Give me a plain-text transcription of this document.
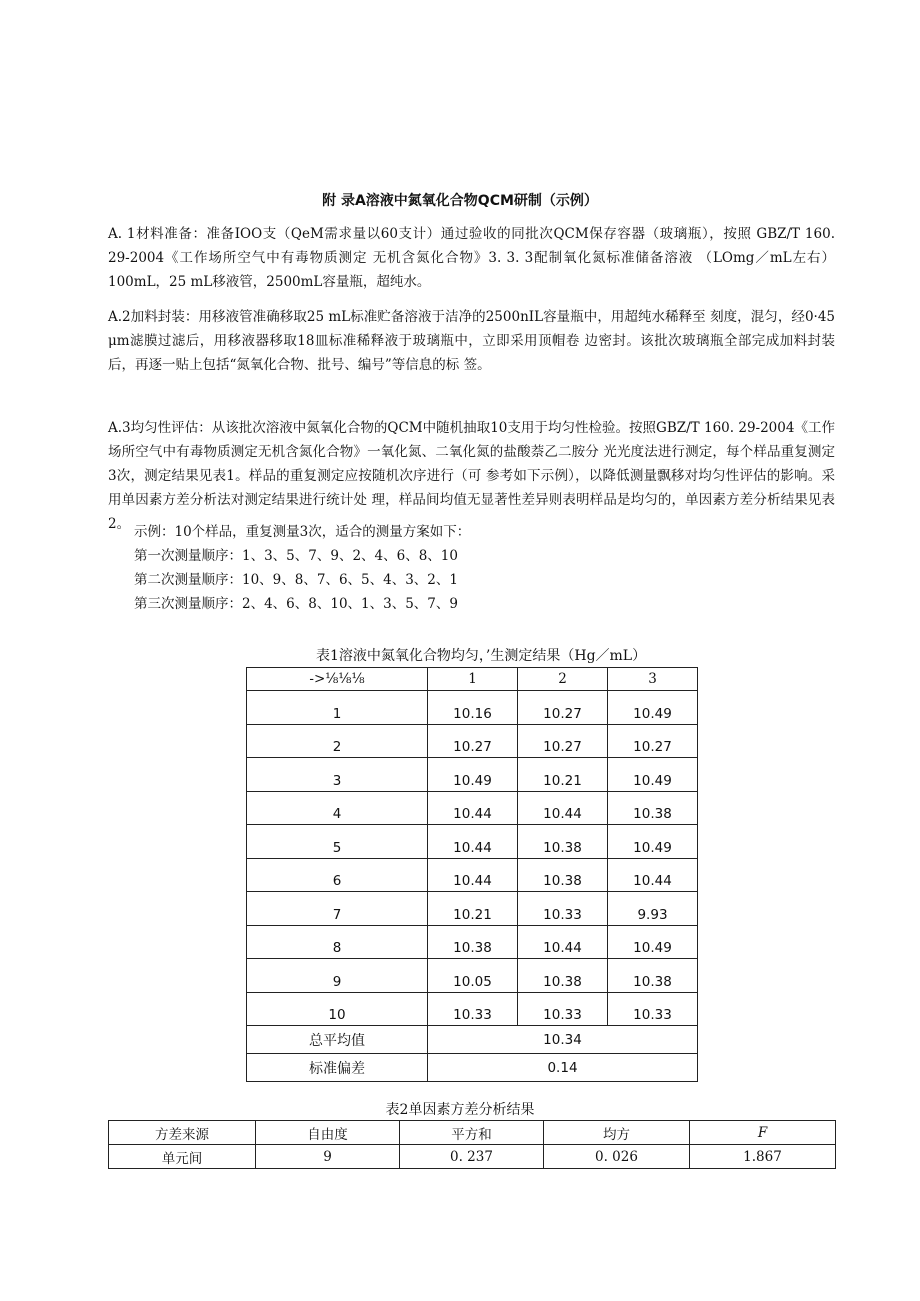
附 录A溶液中氮氧化合物QCM研制（示例）

A. 1材料准备：准备IOO支（QeM需求量以60支计）通过验收的同批次QCM保存容器（玻璃瓶），按照 GBZ/T 160. 29-2004《工作场所空气中有毒物质测定 无机含氮化合物》3. 3. 3配制氧化氮标准储备溶液 （LOmg／mL左右）100mL，25 mL移液管，2500mL容量瓶，超纯水。

A.2加料封装：用移液管准确移取25 mL标准贮备溶液于洁净的2500nIL容量瓶中，用超纯水稀释至 刻度，混匀，经0·45 μm滤膜过滤后，用移液器移取18皿标准稀释液于玻璃瓶中，立即采用顶帽卷 边密封。该批次玻璃瓶全部完成加料封装后，再逐一贴上包括“氮氧化合物、批号、编号”等信息的标 签。

A.3均匀性评估：从该批次溶液中氮氧化合物的QCM中随机抽取10支用于均匀性检验。按照GBZ/T 160. 29-2004《工作场所空气中有毒物质测定无机含氮化合物》一氧化氮、二氧化氮的盐酸萘乙二胺分 光光度法进行测定，每个样品重复测定3次，测定结果见表1。样品的重复测定应按随机次序进行（可 参考如下示例），以降低测量飘移对均匀性评估的影响。采用单因素方差分析法对测定结果进行统计处 理，样品间均值无显著性差异则表明样品是均匀的，单因素方差分析结果见表2。 示例：10个样品，重复测量3次，适合的测量方案如下：
第一次测量顺序：1、3、5、7、9、2、4、6、8、10
第二次测量顺序：10、9、8、7、6、5、4、3、2、1
第三次测量顺序：2、4、6、8、10、1、3、5、7、9
表1溶液中氮氧化合物均匀，’生测定结果（Hg／mL）
->⅛⅛⅛	1	2	3
1	10.16	10.27	10.49
2	10.27	10.27	10.27
3	10.49	10.21	10.49
4	10.44	10.44	10.38
5	10.44	10.38	10.49
6	10.44	10.38	10.44
7	10.21	10.33	9.93
8	10.38	10.44	10.49
9	10.05	10.38	10.38
10	10.33	10.33	10.33
总平均值	10.34		
标准偏差	0.14		
表2单因素方差分析结果
方差来源	自由度	平方和	均方	F
单元间	9	0. 237	0. 026	1.867
